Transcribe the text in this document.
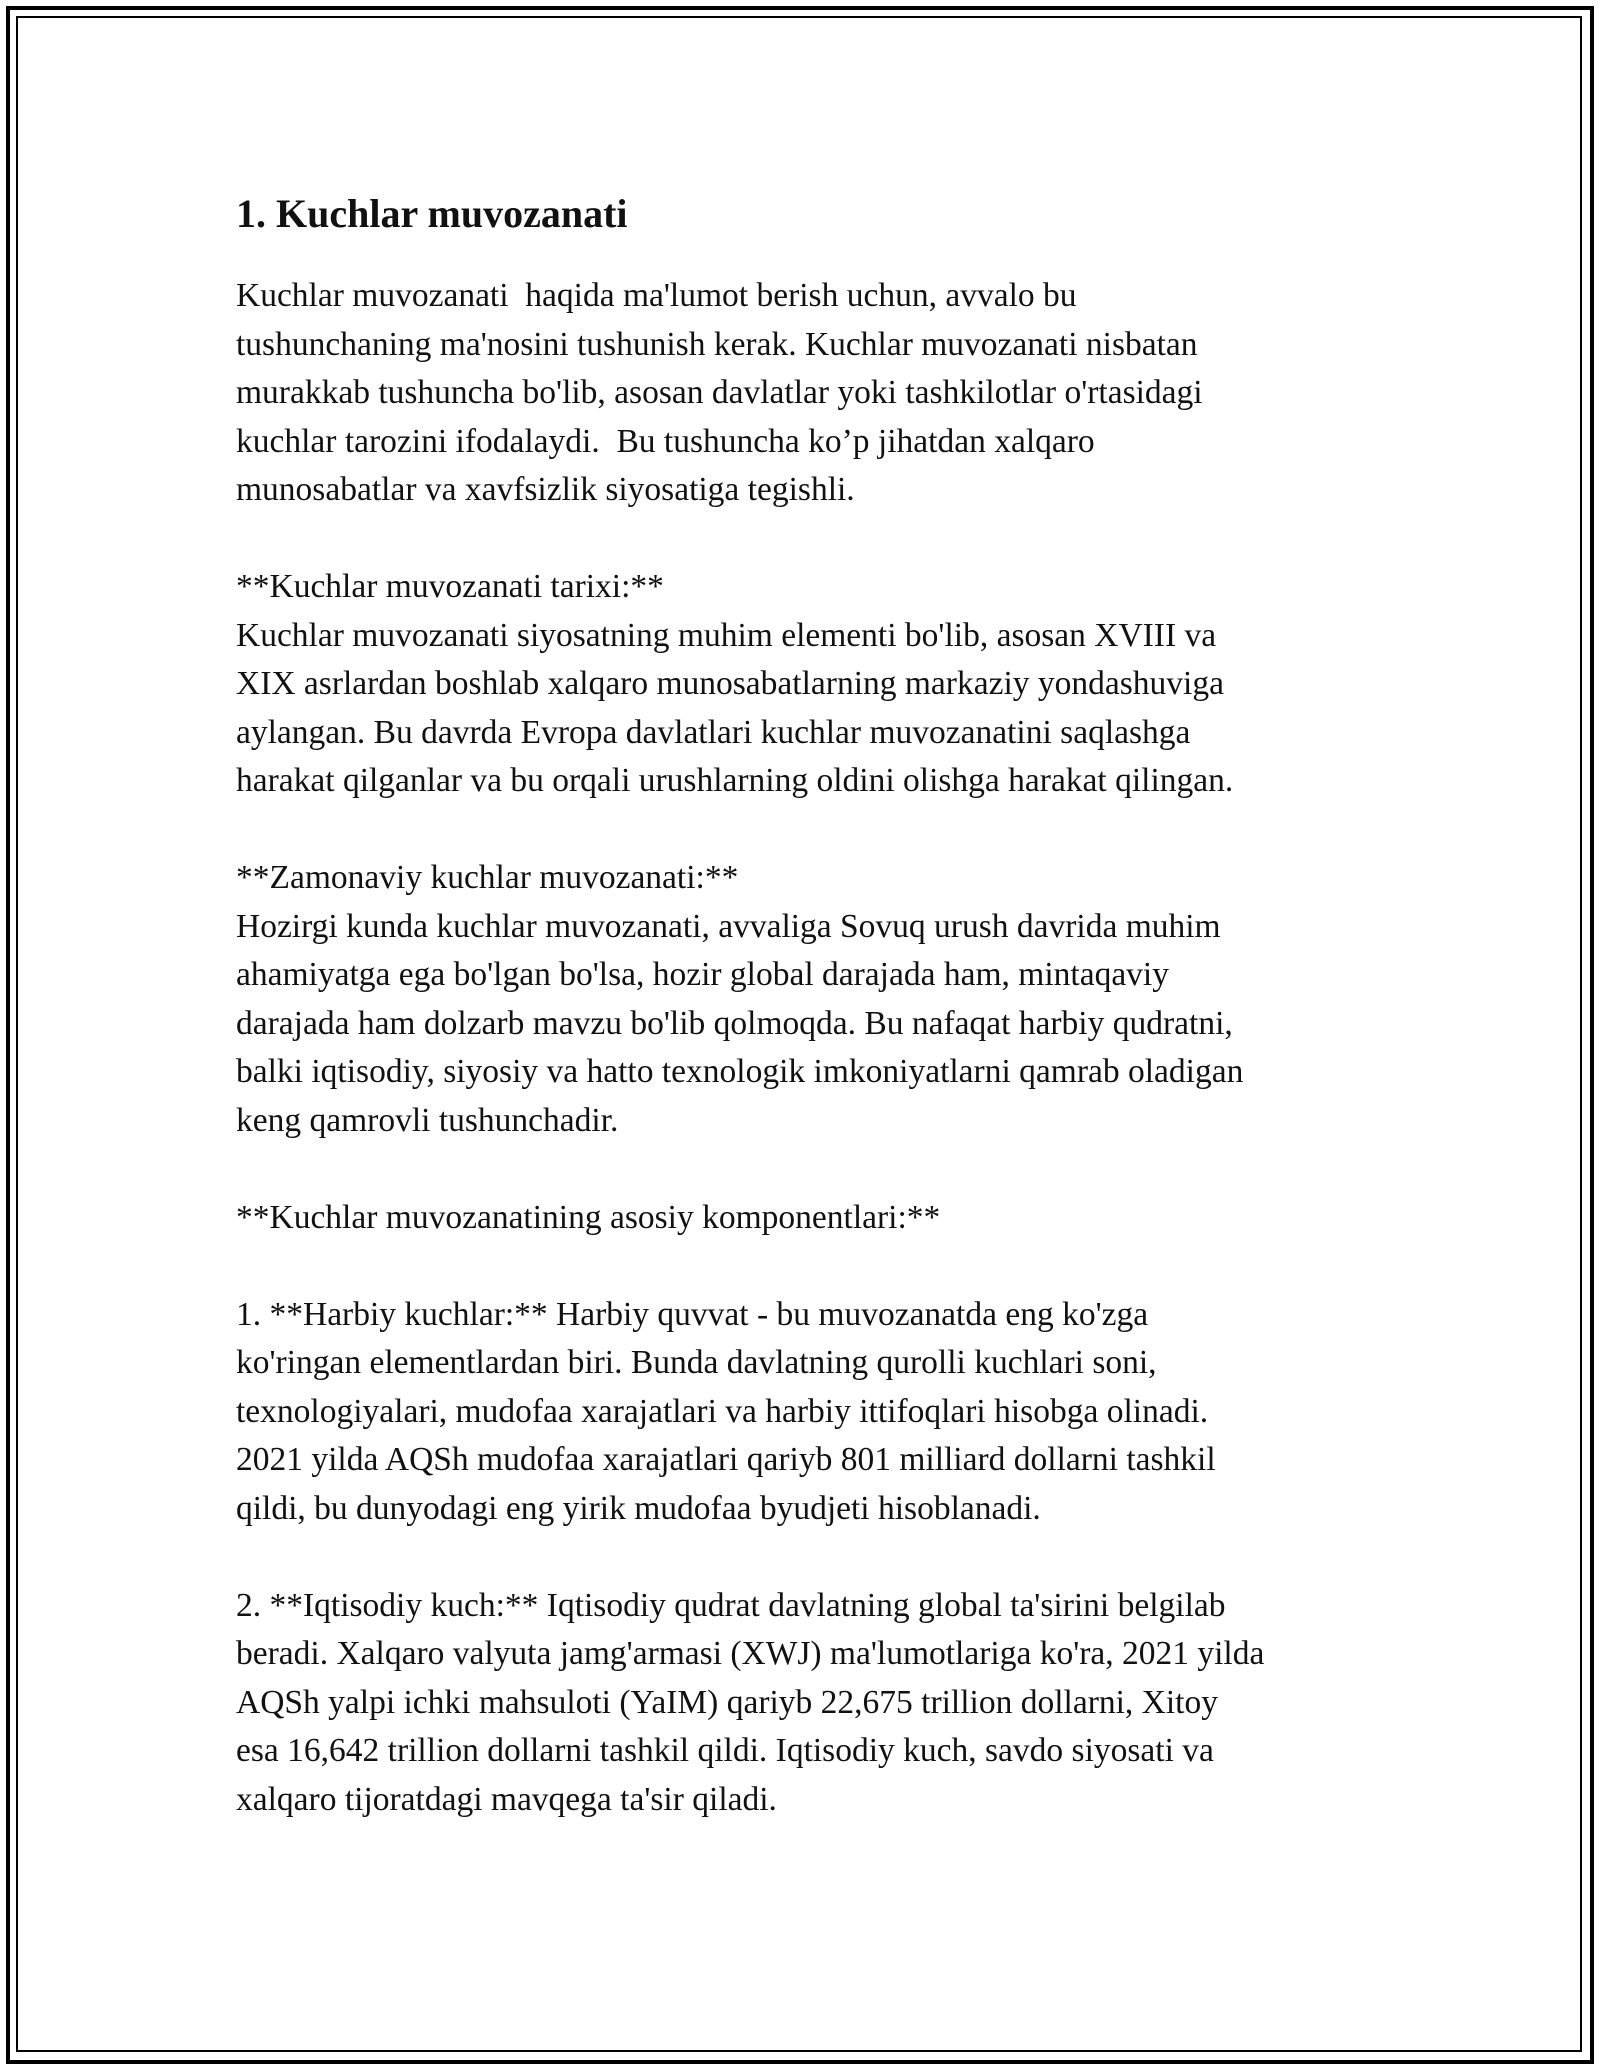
1. Kuchlar muvozanati

Kuchlar muvozanati  haqida ma'lumot berish uchun, avvalo bu
tushunchaning ma'nosini tushunish kerak. Kuchlar muvozanati nisbatan
murakkab tushuncha bo'lib, asosan davlatlar yoki tashkilotlar o'rtasidagi
kuchlar tarozini ifodalaydi.  Bu tushuncha ko’p jihatdan xalqaro
munosabatlar va xavfsizlik siyosatiga tegishli.

**Kuchlar muvozanati tarixi:**
Kuchlar muvozanati siyosatning muhim elementi bo'lib, asosan XVIII va
XIX asrlardan boshlab xalqaro munosabatlarning markaziy yondashuviga
aylangan. Bu davrda Evropa davlatlari kuchlar muvozanatini saqlashga
harakat qilganlar va bu orqali urushlarning oldini olishga harakat qilingan.

**Zamonaviy kuchlar muvozanati:**
Hozirgi kunda kuchlar muvozanati, avvaliga Sovuq urush davrida muhim
ahamiyatga ega bo'lgan bo'lsa, hozir global darajada ham, mintaqaviy
darajada ham dolzarb mavzu bo'lib qolmoqda. Bu nafaqat harbiy qudratni,
balki iqtisodiy, siyosiy va hatto texnologik imkoniyatlarni qamrab oladigan
keng qamrovli tushunchadir.

**Kuchlar muvozanatining asosiy komponentlari:**

1. **Harbiy kuchlar:** Harbiy quvvat - bu muvozanatda eng ko'zga
ko'ringan elementlardan biri. Bunda davlatning qurolli kuchlari soni,
texnologiyalari, mudofaa xarajatlari va harbiy ittifoqlari hisobga olinadi.
2021 yilda AQSh mudofaa xarajatlari qariyb 801 milliard dollarni tashkil
qildi, bu dunyodagi eng yirik mudofaa byudjeti hisoblanadi.

2. **Iqtisodiy kuch:** Iqtisodiy qudrat davlatning global ta'sirini belgilab
beradi. Xalqaro valyuta jamg'armasi (XWJ) ma'lumotlariga ko'ra, 2021 yilda
AQSh yalpi ichki mahsuloti (YaIM) qariyb 22,675 trillion dollarni, Xitoy
esa 16,642 trillion dollarni tashkil qildi. Iqtisodiy kuch, savdo siyosati va
xalqaro tijoratdagi mavqega ta'sir qiladi.
